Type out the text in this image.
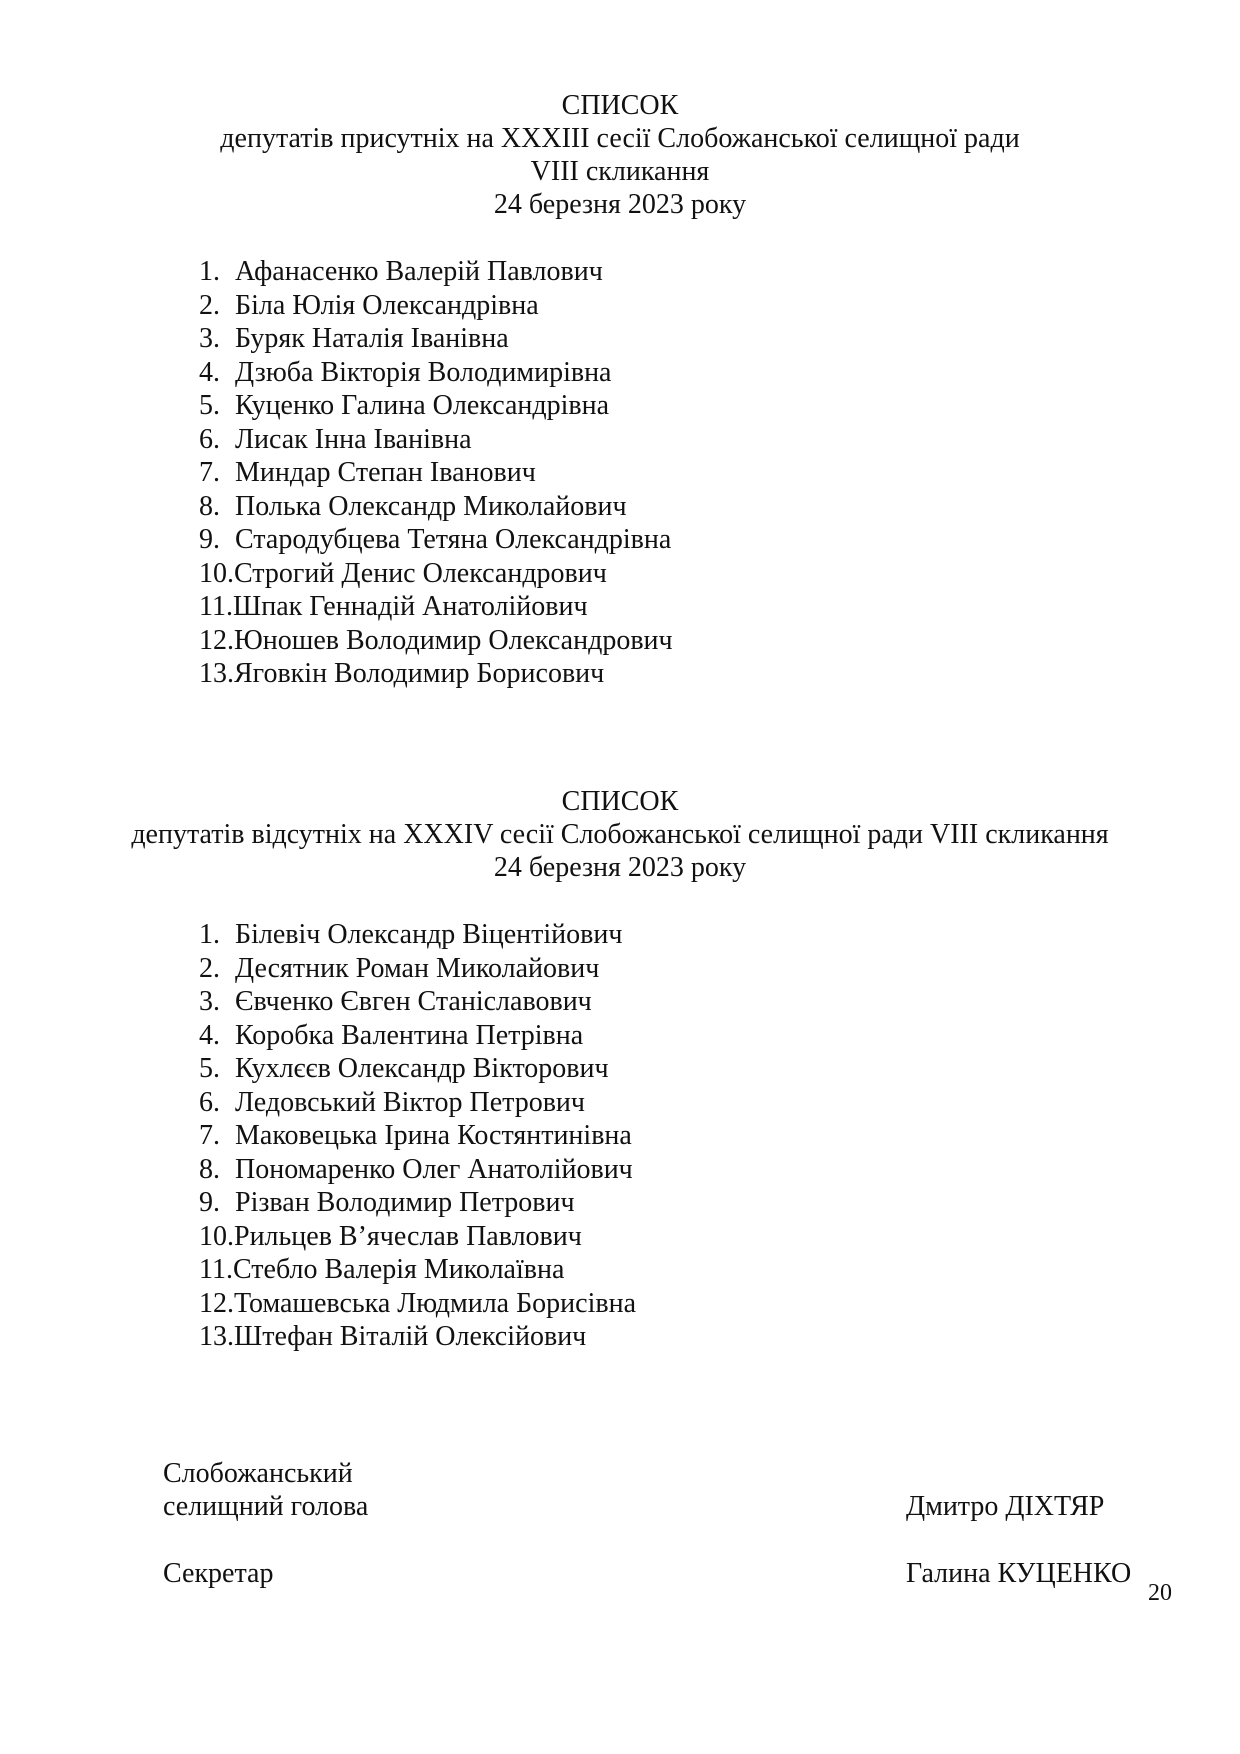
СПИСОК
депутатів присутніх на XXXIII сесії Слобожанської селищної ради
VIII скликання
24 березня 2023 року
1. Афанасенко Валерій Павлович
2. Біла Юлія Олександрівна
3. Буряк Наталія Іванівна
4. Дзюба Вікторія Володимирівна
5. Куценко Галина Олександрівна
6. Лисак Інна Іванівна
7. Миндар Степан Іванович
8. Полька Олександр Миколайович
9. Стародубцева Тетяна Олександрівна
10.Строгий Денис Олександрович
11.Шпак Геннадій Анатолійович
12.Юношев Володимир Олександрович
13.Яговкін Володимир Борисович
СПИСОК
депутатів відсутніх на XXXIV сесії Слобожанської селищної ради VIII скликання
24 березня 2023 року
1. Білевіч Олександр Віцентійович
2. Десятник Роман Миколайович
3. Євченко Євген Станіславович
4. Коробка Валентина Петрівна
5. Кухлєєв Олександр Вікторович
6. Ледовський Віктор Петрович
7. Маковецька Ірина Костянтинівна
8. Пономаренко Олег Анатолійович
9. Різван Володимир Петрович
10.Рильцев В’ячеслав Павлович
11.Стебло Валерія Миколаївна
12.Томашевська Людмила Борисівна
13.Штефан Віталій Олексійович
Слобожанський
селищний голова	Дмитро ДІХТЯР
Секретар	Галина КУЦЕНКО
20
